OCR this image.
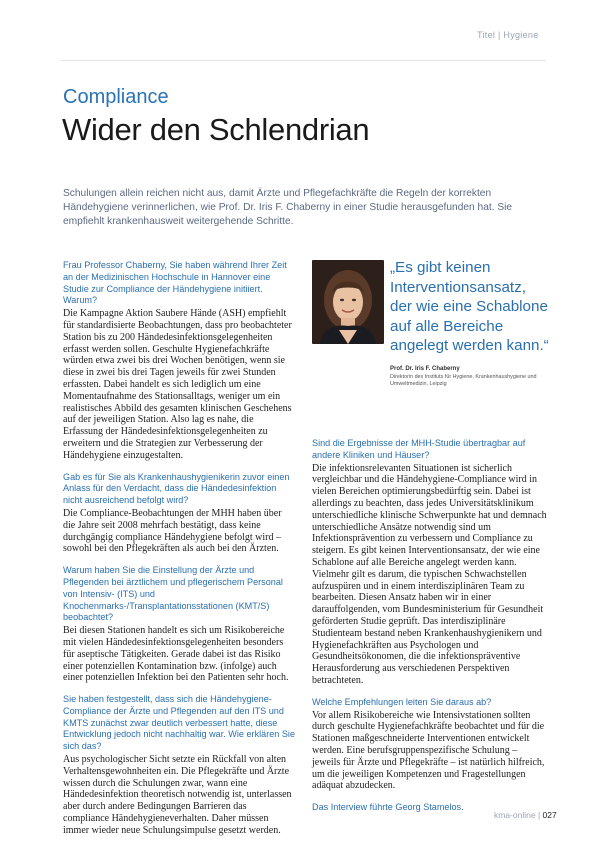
Titel | Hygiene
Compliance
Wider den Schlendrian
Schulungen allein reichen nicht aus, damit Ärzte und Pflegefachkräfte die Regeln der korrekten Händehygiene verinnerlichen, wie Prof. Dr. Iris F. Chaberny in einer Studie herausgefunden hat. Sie empfiehlt krankenhausweit weitergehende Schritte.
Frau Professor Chaberny, Sie haben während Ihrer Zeit an der Medizinischen Hochschule in Hannover eine Studie zur Compliance der Händehygiene initiiert. Warum?
Die Kampagne Aktion Saubere Hände (ASH) empfiehlt für standardisierte Beobachtungen, dass pro beobachteter Station bis zu 200 Händedesinfektionsgelegenheiten erfasst werden sollen. Geschulte Hygienefachkräfte würden etwa zwei bis drei Wochen benötigen, wenn sie diese in zwei bis drei Tagen jeweils für zwei Stunden erfassten. Dabei handelt es sich lediglich um eine Momentaufnahme des Stationsalltags, weniger um ein realistisches Abbild des gesamten klinischen Geschehens auf der jeweiligen Station. Also lag es nahe, die Erfassung der Händedesinfektionsgelegenheiten zu erweitern und die Strategien zur Verbesserung der Händehygiene einzugestalten.
Gab es für Sie als Krankenhaushygienikerin zuvor einen Anlass für den Verdacht, dass die Händedesinfektion nicht ausreichend befolgt wird?
Die Compliance-Beobachtungen der MHH haben über die Jahre seit 2008 mehrfach bestätigt, dass keine durchgängig compliance Händehygiene befolgt wird – sowohl bei den Pflegekräften als auch bei den Ärzten.
Warum haben Sie die Einstellung der Ärzte und Pflegenden bei ärztlichem und pflegerischem Personal von Intensiv- (ITS) und Knochenmarks-/Transplantationsstationen (KMT/S) beobachtet?
Bei diesen Stationen handelt es sich um Risikobereiche mit vielen Händedesinfektionsgelegenheiten besonders für aseptische Tätigkeiten. Gerade dabei ist das Risiko einer potenziellen Kontamination bzw. (infolge) auch einer potenziellen Infektion bei den Patienten sehr hoch.
Sie haben festgestellt, dass sich die Händehygiene-Compliance der Ärzte und Pflegenden auf den ITS und KMTS zunächst zwar deutlich verbessert hatte, diese Entwicklung jedoch nicht nachhaltig war. Wie erklären Sie sich das?
Aus psychologischer Sicht setzte ein Rückfall von alten Verhaltensgewohnheiten ein. Die Pflegekräfte und Ärzte wissen durch die Schulungen zwar, wann eine Händedesinfektion theoretisch notwendig ist, unterlassen aber durch andere Bedingungen Barrieren das compliance Händehygieneverhalten. Daher müssen immer wieder neue Schulungsimpulse gesetzt werden.
„Es gibt keinen Interventionsansatz, der wie eine Schablone auf alle Bereiche angelegt werden kann.“
Prof. Dr. Iris F. Chaberny
Direktorin des Instituts für Hygiene, Krankenhaushygiene und Umweltmedizin, Leipzig
Sind die Ergebnisse der MHH-Studie übertragbar auf andere Kliniken und Häuser?
Die infektionsrelevanten Situationen ist sicherlich vergleichbar und die Händehygiene-Compliance wird in vielen Bereichen optimierungsbedürftig sein. Dabei ist allerdings zu beachten, dass jedes Universitätsklinikum unterschiedliche klinische Schwerpunkte hat und demnach unterschiedliche Ansätze notwendig sind um Infektionsprävention zu verbessern und Compliance zu steigern. Es gibt keinen Interventionsansatz, der wie eine Schablone auf alle Bereiche angelegt werden kann. Vielmehr gilt es darum, die typischen Schwachstellen aufzuspüren und in einem interdisziplinären Team zu bearbeiten. Diesen Ansatz haben wir in einer darauffolgenden, vom Bundesministerium für Gesundheit geförderten Studie geprüft. Das interdisziplinäre Studienteam bestand neben Krankenhaushygienikern und Hygienefachkräften aus Psychologen und Gesundheitsökonomen, die die infektionspräventive Herausforderung aus verschiedenen Perspektiven betrachteten.
Welche Empfehlungen leiten Sie daraus ab?
Vor allem Risikobereiche wie Intensivstationen sollten durch geschulte Hygienefachkräfte beobachtet und für die Stationen maßgeschneiderte Interventionen entwickelt werden. Eine berufsgruppenspezifische Schulung – jeweils für Ärzte und Pflegekräfte – ist natürlich hilfreich, um die jeweiligen Kompetenzen und Fragestellungen adäquat abzudecken.
Das Interview führte Georg Stamelos.
kma-online | 027
